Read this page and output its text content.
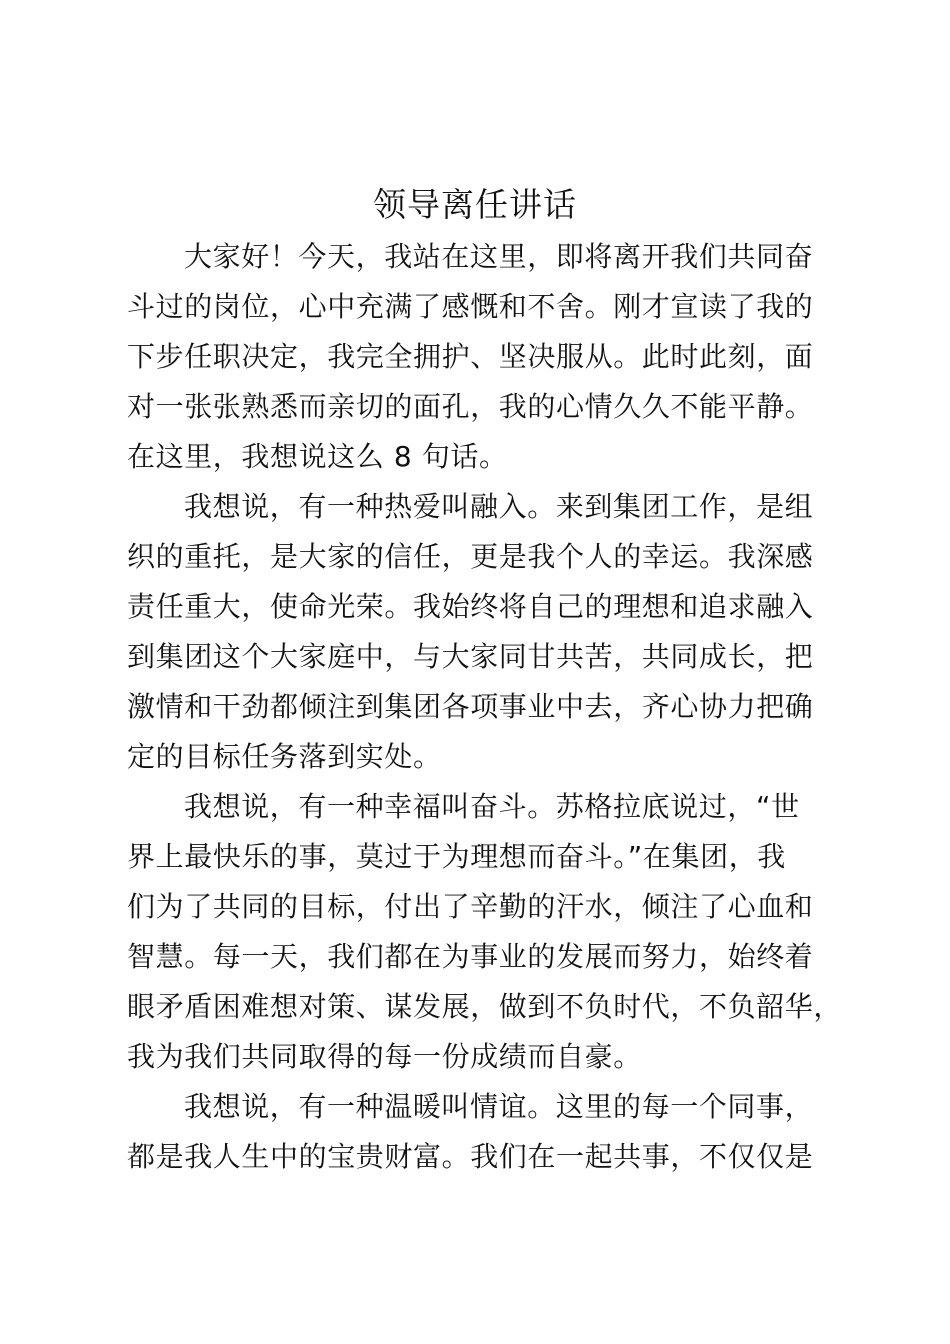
领导离任讲话
大家好！今天，我站在这里，即将离开我们共同奋
斗过的岗位，心中充满了感慨和不舍。刚才宣读了我的
下步任职决定，我完全拥护、坚决服从。此时此刻，面
对一张张熟悉而亲切的面孔，我的心情久久不能平静。
在这里，我想说这么 8 句话。
我想说，有一种热爱叫融入。来到集团工作，是组
织的重托，是大家的信任，更是我个人的幸运。我深感
责任重大，使命光荣。我始终将自己的理想和追求融入
到集团这个大家庭中，与大家同甘共苦，共同成长，把
激情和干劲都倾注到集团各项事业中去，齐心协力把确
定的目标任务落到实处。
我想说，有一种幸福叫奋斗。苏格拉底说过，“世
界上最快乐的事，莫过于为理想而奋斗。”在集团，我
们为了共同的目标，付出了辛勤的汗水，倾注了心血和
智慧。每一天，我们都在为事业的发展而努力，始终着
眼矛盾困难想对策、谋发展，做到不负时代，不负韶华，
我为我们共同取得的每一份成绩而自豪。
我想说，有一种温暖叫情谊。这里的每一个同事，
都是我人生中的宝贵财富。我们在一起共事，不仅仅是
